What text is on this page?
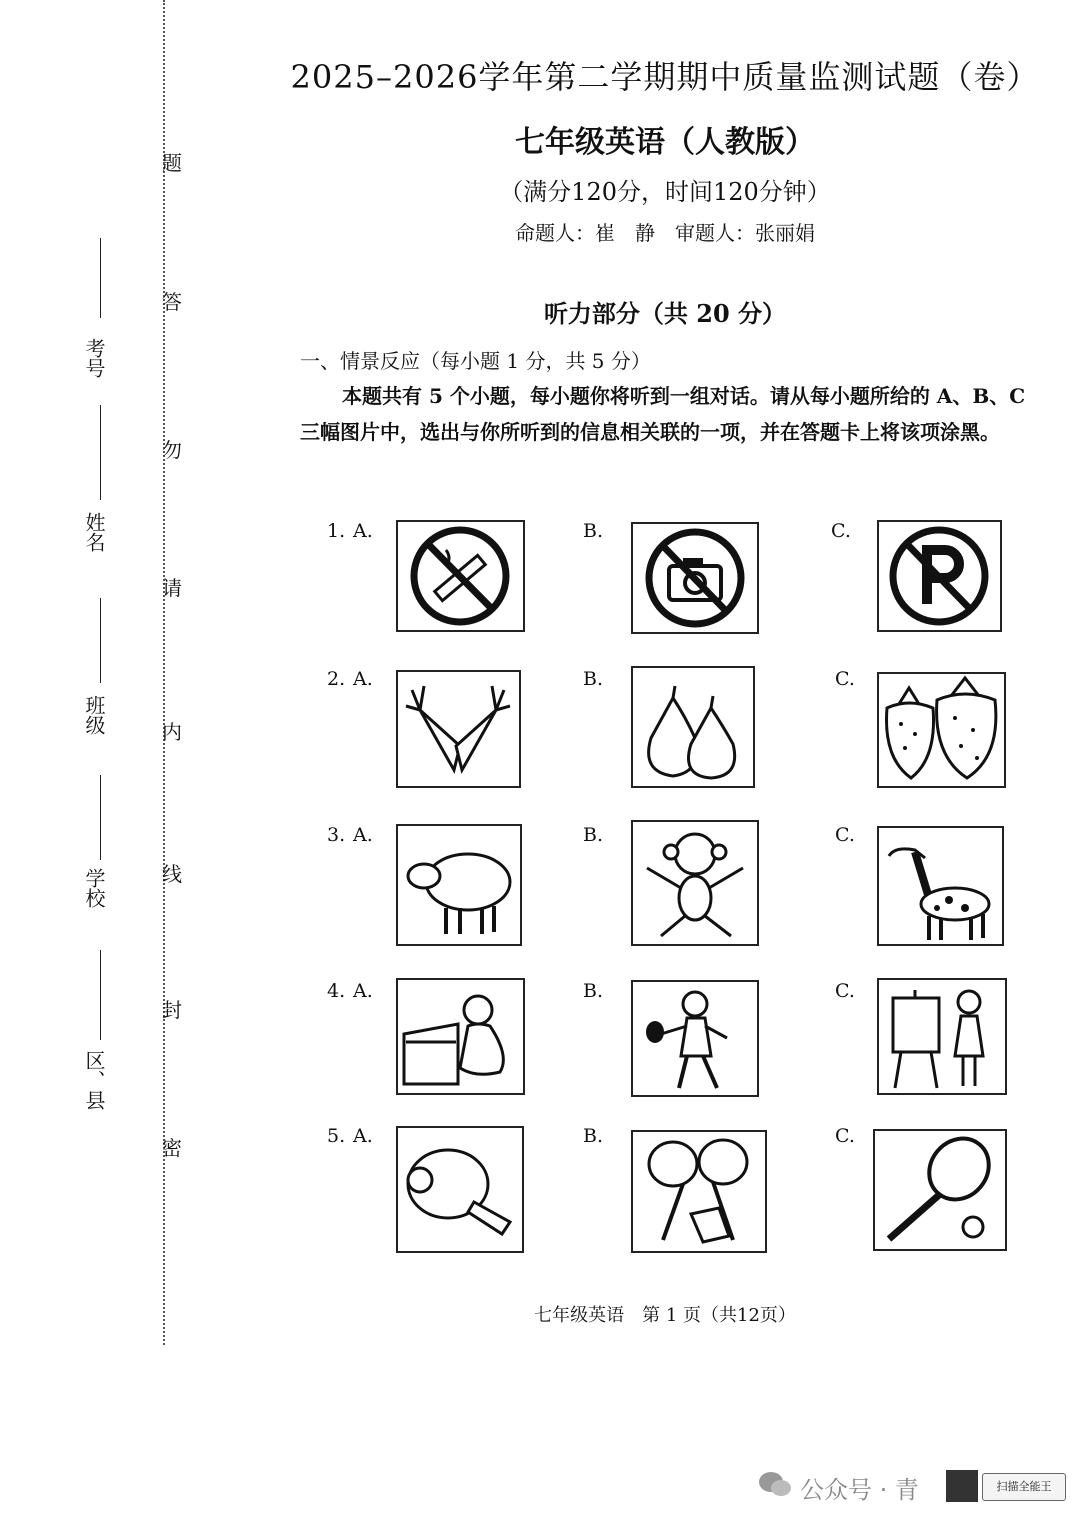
题
答
勿
请
内
线
封
密
考号
姓名
班级
学校
区、县
2025–2026学年第二学期期中质量监测试题（卷）
七年级英语（人教版）
（满分120分，时间120分钟）
命题人：崔　静　审题人：张丽娟
听力部分（共 20 分）
一、情景反应（每小题 1 分，共 5 分）
本题共有 5 个小题，每小题你将听到一组对话。请从每小题所给的 A、B、C 三幅图片中，选出与你所听到的信息相关联的一项，并在答题卡上将该项涂黑。
1. A.	B.	C.
2. A.	B.	C.
3. A.	B.	C.
4. A.	B.	C.
5. A.	B.	C.
七年级英语　第 1 页（共12页）
公众号 · 青	扫描全能王
